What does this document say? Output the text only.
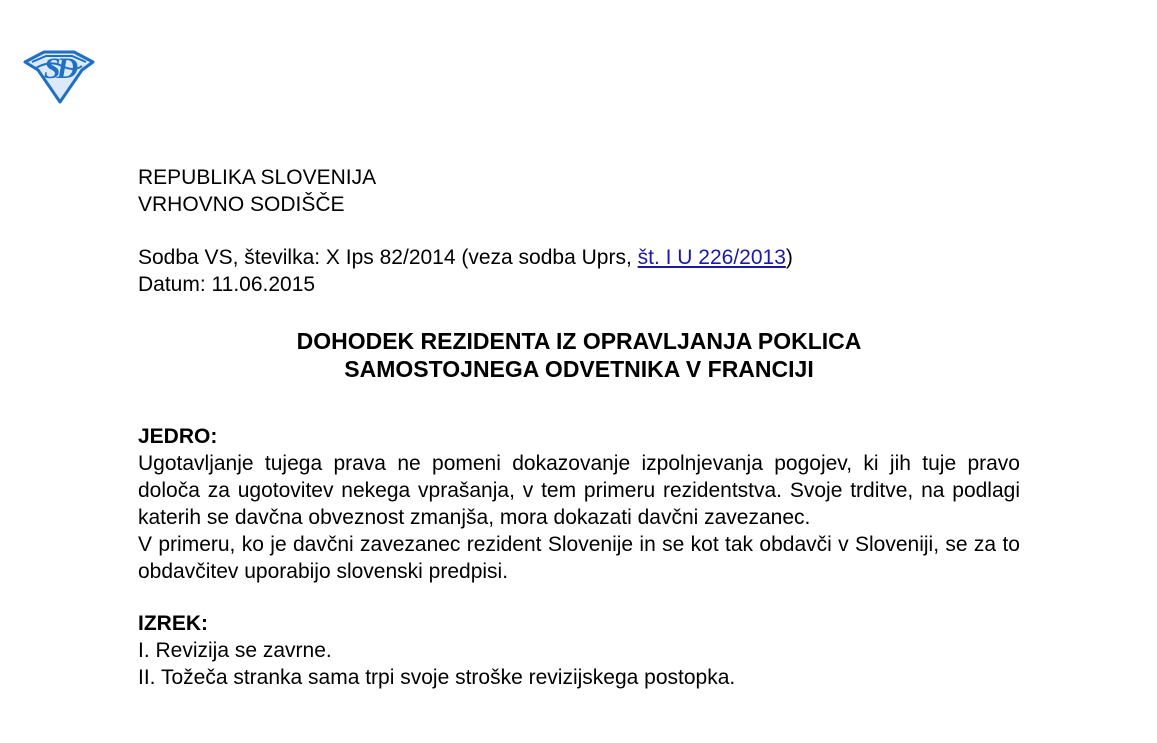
SD
REPUBLIKA SLOVENIJA
VRHOVNO SODIŠČE
Sodba VS, številka: X Ips 82/2014 (veza sodba Uprs, št. I U 226/2013)
Datum: 11.06.2015
DOHODEK REZIDENTA IZ OPRAVLJANJA POKLICA
SAMOSTOJNEGA ODVETNIKA V FRANCIJI
JEDRO:
Ugotavljanje tujega prava ne pomeni dokazovanje izpolnjevanja pogojev, ki jih tuje pravo določa za ugotovitev nekega vprašanja, v tem primeru rezidentstva. Svoje trditve, na podlagi katerih se davčna obveznost zmanjša, mora dokazati davčni zavezanec.
V primeru, ko je davčni zavezanec rezident Slovenije in se kot tak obdavči v Sloveniji, se za to obdavčitev uporabijo slovenski predpisi.
IZREK:
I. Revizija se zavrne.
II. Tožeča stranka sama trpi svoje stroške revizijskega postopka.
